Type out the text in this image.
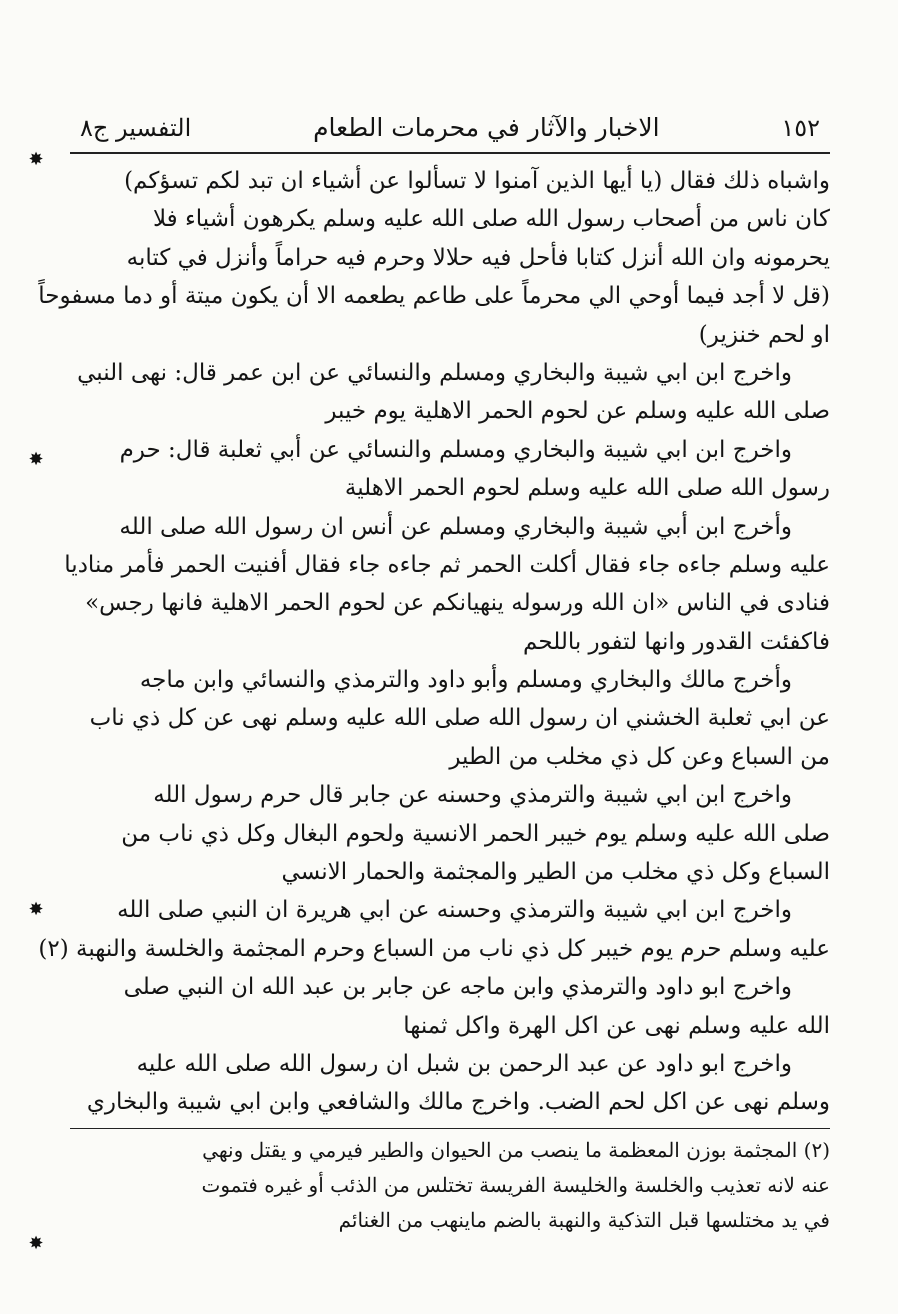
✸
✸
✸
✸
١٥٢
الاخبار والآثار في محرمات الطعام
التفسير ج٨
واشباه ذلك فقال (يا أيها الذين آمنوا لا تسألوا عن أشياء ان تبد لكم تسؤكم)
كان ناس من أصحاب رسول الله صلى الله عليه وسلم يكرهون أشياء فلا
يحرمونه وان الله أنزل كتابا فأحل فيه حلالا وحرم فيه حراماً وأنزل في كتابه
(قل لا أجد فيما أوحي الي محرماً على طاعم يطعمه الا أن يكون ميتة أو دما مسفوحاً
او لحم خنزير)
واخرج ابن ابي شيبة والبخاري ومسلم والنسائي عن ابن عمر قال: نهى النبي
صلى الله عليه وسلم عن لحوم الحمر الاهلية يوم خيبر
واخرج ابن ابي شيبة والبخاري ومسلم والنسائي عن أبي ثعلبة قال: حرم
رسول الله صلى الله عليه وسلم لحوم الحمر الاهلية
وأخرج ابن أبي شيبة والبخاري ومسلم عن أنس ان رسول الله صلى الله
عليه وسلم جاءه جاء فقال أكلت الحمر ثم جاءه جاء فقال أفنيت الحمر فأمر مناديا
فنادى في الناس «ان الله ورسوله ينهيانكم عن لحوم الحمر الاهلية فانها رجس»
فاكفئت القدور وانها لتفور باللحم
وأخرج مالك والبخاري ومسلم وأبو داود والترمذي والنسائي وابن ماجه
عن ابي ثعلبة الخشني ان رسول الله صلى الله عليه وسلم نهى عن كل ذي ناب
من السباع وعن كل ذي مخلب من الطير
واخرج ابن ابي شيبة والترمذي وحسنه عن جابر قال حرم رسول الله
صلى الله عليه وسلم يوم خيبر الحمر الانسية ولحوم البغال وكل ذي ناب من
السباع وكل ذي مخلب من الطير والمجثمة والحمار الانسي
واخرج ابن ابي شيبة والترمذي وحسنه عن ابي هريرة ان النبي صلى الله
عليه وسلم حرم يوم خيبر كل ذي ناب من السباع وحرم المجثمة والخلسة والنهبة (٢)
واخرج ابو داود والترمذي وابن ماجه عن جابر بن عبد الله ان النبي صلى
الله عليه وسلم نهى عن اكل الهرة واكل ثمنها
واخرج ابو داود عن عبد الرحمن بن شبل ان رسول الله صلى الله عليه
وسلم نهى عن اكل لحم الضب. واخرج مالك والشافعي وابن ابي شيبة والبخاري
(٢) المجثمة بوزن المعظمة ما ينصب من الحيوان والطير فيرمي و يقتل ونهي
عنه لانه تعذيب والخلسة والخليسة الفريسة تختلس من الذئب أو غيره فتموت
في يد مختلسها قبل التذكية والنهبة بالضم ماينهب من الغنائم
